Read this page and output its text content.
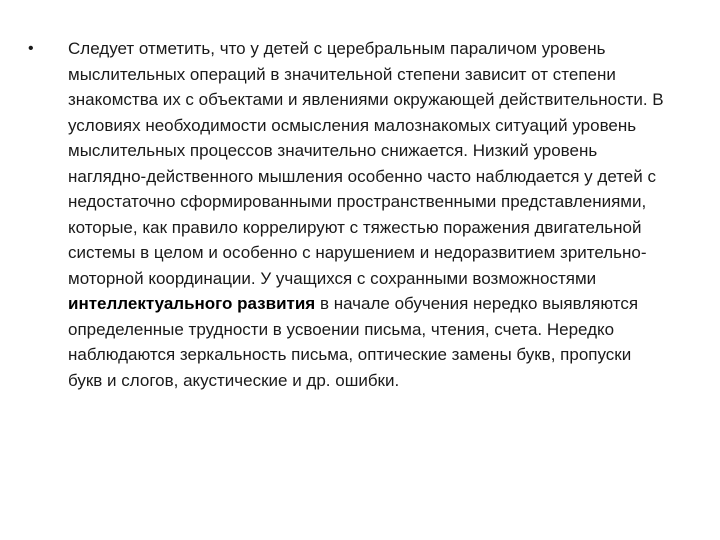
•	Следует отметить, что у детей с церебральным параличом уровень мыслительных операций в значительной степени зависит от степени знакомства их с объектами и явлениями окружающей действительности. В условиях необходимости осмысления малознакомых ситуаций уровень мыслительных процессов значительно снижается. Низкий уровень наглядно-действенного мышления особенно часто наблюдается у детей с недостаточно сформированными пространственными представлениями, которые, как правило коррелируют с тяжестью поражения двигательной системы в целом и особенно с нарушением и недоразвитием зрительно-моторной координации. У учащихся с сохранными возможностями интеллектуального развития в начале обучения нередко выявляются определенные трудности в усвоении письма, чтения, счета. Нередко наблюдаются зеркальность письма, оптические замены букв, пропуски букв и слогов, акустические и др. ошибки.
